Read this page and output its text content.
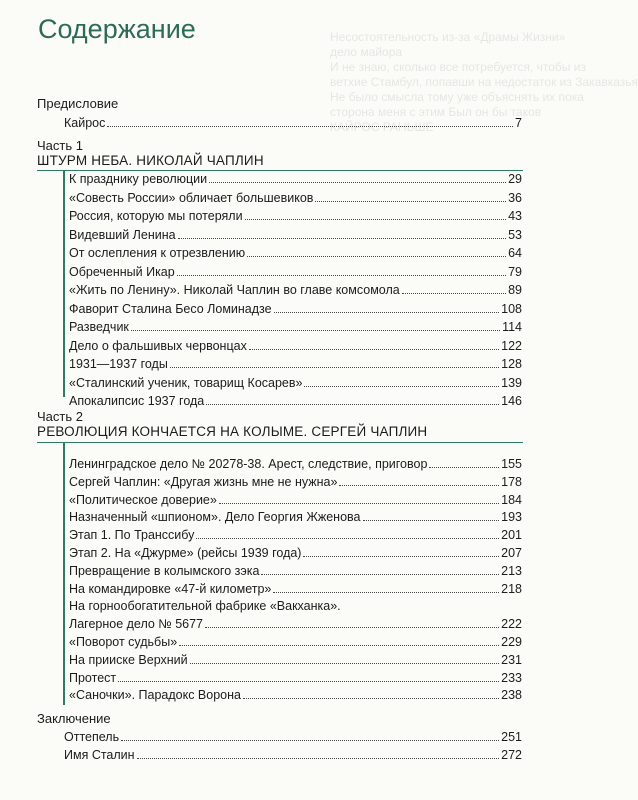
Несостоятельность из-за «Драмы Жизни»
дело майора
И не знаю, сколько все потребуется, чтобы из
ветхие Стамбул, попавши на недостаток из Закавказья
Не было смысла тому уже объяснять их пока
сторона меня с этим Был он бы таков
КАЙРОС РАНЬШЕ
Содержание
Предисловие
Кайрос	7
Часть 1
ШТУРМ НЕБА. НИКОЛАЙ ЧАПЛИН
К празднику революции	29
«Совесть России» обличает большевиков	36
Россия, которую мы потеряли	43
Видевший Ленина	53
От ослепления к отрезвлению	64
Обреченный Икар	79
«Жить по Ленину». Николай Чаплин во главе комсомола	89
Фаворит Сталина Бесо Ломинадзе	108
Разведчик	114
Дело о фальшивых червонцах	122
1931—1937 годы	128
«Сталинский ученик, товарищ Косарев»	139
Апокалипсис 1937 года	146
Часть 2
РЕВОЛЮЦИЯ КОНЧАЕТСЯ НА КОЛЫМЕ. СЕРГЕЙ ЧАПЛИН
Ленинградское дело № 20278-38. Арест, следствие, приговор	155
Сергей Чаплин: «Другая жизнь мне не нужна»	178
«Политическое доверие»	184
Назначенный «шпионом». Дело Георгия Жженова	193
Этап 1. По Транссибу	201
Этап 2. На «Джурме» (рейсы 1939 года)	207
Превращение в колымского зэка	213
На командировке «47-й километр»	218
На горнообогатительной фабрике «Вакханка».
Лагерное дело № 5677	222
«Поворот судьбы»	229
На прииске Верхний	231
Протест	233
«Саночки». Парадокс Ворона	238
Заключение
Оттепель	251
Имя Сталин	272
